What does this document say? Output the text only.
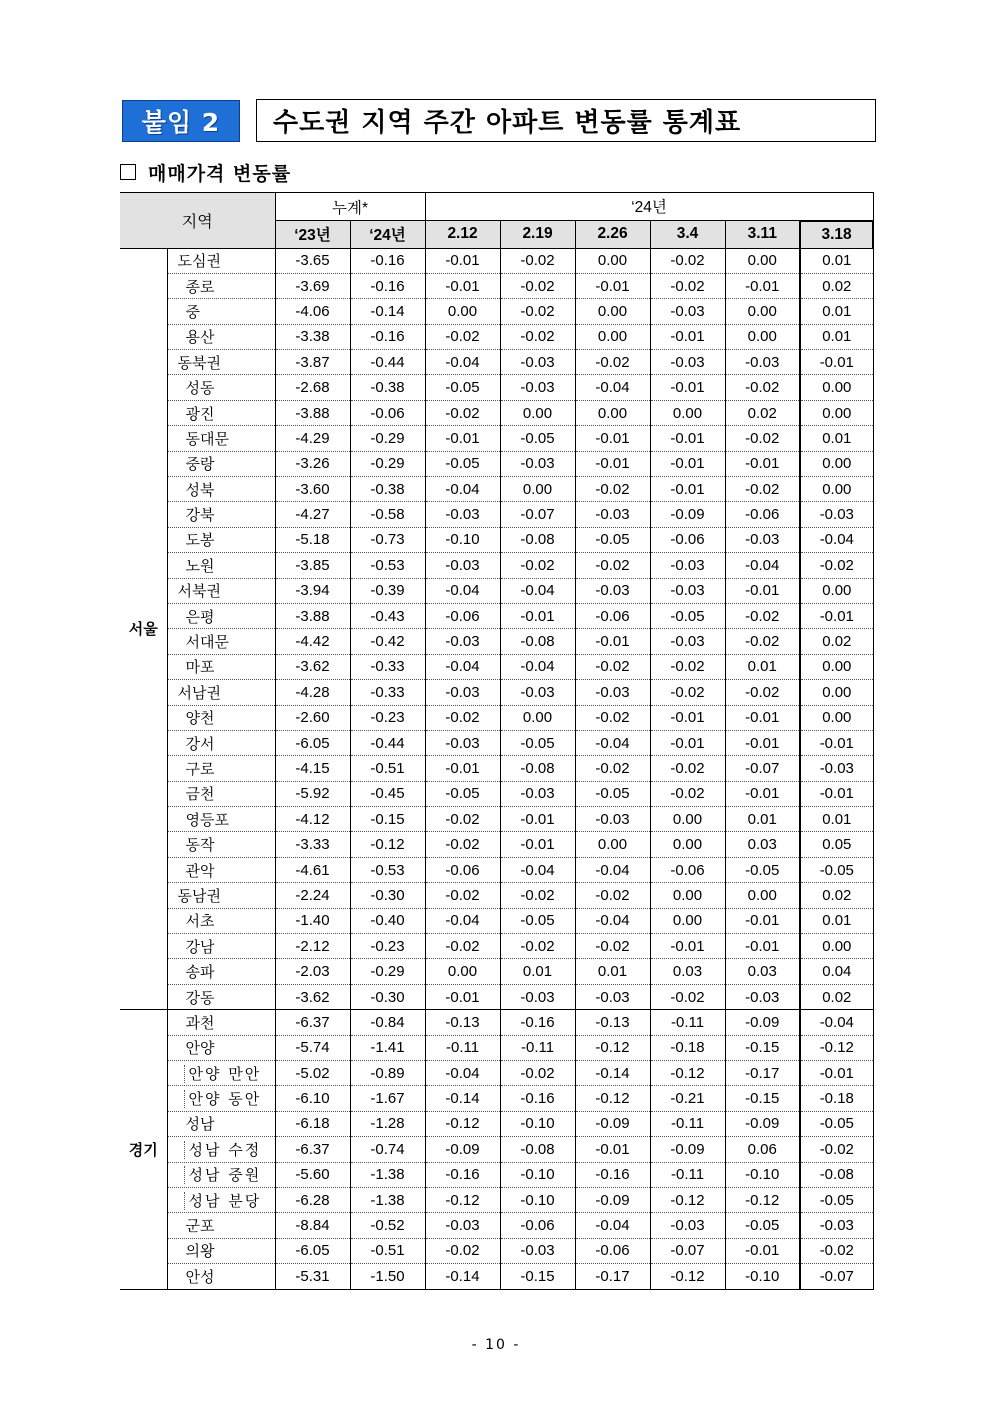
붙임 2 수도권 지역 주간 아파트 변동률 통계표
매매가격 변동률
지역		누계*		‘24년					
		‘23년	‘24년	2.12	2.19	2.26	3.4	3.11	3.18
서울	도심권	-3.65	-0.16	-0.01	-0.02	0.00	-0.02	0.00	0.01
	종로	-3.69	-0.16	-0.01	-0.02	-0.01	-0.02	-0.01	0.02
	중	-4.06	-0.14	0.00	-0.02	0.00	-0.03	0.00	0.01
	용산	-3.38	-0.16	-0.02	-0.02	0.00	-0.01	0.00	0.01
	동북권	-3.87	-0.44	-0.04	-0.03	-0.02	-0.03	-0.03	-0.01
	성동	-2.68	-0.38	-0.05	-0.03	-0.04	-0.01	-0.02	0.00
	광진	-3.88	-0.06	-0.02	0.00	0.00	0.00	0.02	0.00
	동대문	-4.29	-0.29	-0.01	-0.05	-0.01	-0.01	-0.02	0.01
	중랑	-3.26	-0.29	-0.05	-0.03	-0.01	-0.01	-0.01	0.00
	성북	-3.60	-0.38	-0.04	0.00	-0.02	-0.01	-0.02	0.00
	강북	-4.27	-0.58	-0.03	-0.07	-0.03	-0.09	-0.06	-0.03
	도봉	-5.18	-0.73	-0.10	-0.08	-0.05	-0.06	-0.03	-0.04
	노원	-3.85	-0.53	-0.03	-0.02	-0.02	-0.03	-0.04	-0.02
	서북권	-3.94	-0.39	-0.04	-0.04	-0.03	-0.03	-0.01	0.00
	은평	-3.88	-0.43	-0.06	-0.01	-0.06	-0.05	-0.02	-0.01
	서대문	-4.42	-0.42	-0.03	-0.08	-0.01	-0.03	-0.02	0.02
	마포	-3.62	-0.33	-0.04	-0.04	-0.02	-0.02	0.01	0.00
	서남권	-4.28	-0.33	-0.03	-0.03	-0.03	-0.02	-0.02	0.00
	양천	-2.60	-0.23	-0.02	0.00	-0.02	-0.01	-0.01	0.00
	강서	-6.05	-0.44	-0.03	-0.05	-0.04	-0.01	-0.01	-0.01
	구로	-4.15	-0.51	-0.01	-0.08	-0.02	-0.02	-0.07	-0.03
	금천	-5.92	-0.45	-0.05	-0.03	-0.05	-0.02	-0.01	-0.01
	영등포	-4.12	-0.15	-0.02	-0.01	-0.03	0.00	0.01	0.01
	동작	-3.33	-0.12	-0.02	-0.01	0.00	0.00	0.03	0.05
	관악	-4.61	-0.53	-0.06	-0.04	-0.04	-0.06	-0.05	-0.05
	동남권	-2.24	-0.30	-0.02	-0.02	-0.02	0.00	0.00	0.02
	서초	-1.40	-0.40	-0.04	-0.05	-0.04	0.00	-0.01	0.01
	강남	-2.12	-0.23	-0.02	-0.02	-0.02	-0.01	-0.01	0.00
	송파	-2.03	-0.29	0.00	0.01	0.01	0.03	0.03	0.04
	강동	-3.62	-0.30	-0.01	-0.03	-0.03	-0.02	-0.03	0.02
경기	과천	-6.37	-0.84	-0.13	-0.16	-0.13	-0.11	-0.09	-0.04
	안양	-5.74	-1.41	-0.11	-0.11	-0.12	-0.18	-0.15	-0.12
	안양 만안	-5.02	-0.89	-0.04	-0.02	-0.14	-0.12	-0.17	-0.01
	안양 동안	-6.10	-1.67	-0.14	-0.16	-0.12	-0.21	-0.15	-0.18
	성남	-6.18	-1.28	-0.12	-0.10	-0.09	-0.11	-0.09	-0.05
	성남 수정	-6.37	-0.74	-0.09	-0.08	-0.01	-0.09	0.06	-0.02
	성남 중원	-5.60	-1.38	-0.16	-0.10	-0.16	-0.11	-0.10	-0.08
	성남 분당	-6.28	-1.38	-0.12	-0.10	-0.09	-0.12	-0.12	-0.05
	군포	-8.84	-0.52	-0.03	-0.06	-0.04	-0.03	-0.05	-0.03
	의왕	-6.05	-0.51	-0.02	-0.03	-0.06	-0.07	-0.01	-0.02
	안성	-5.31	-1.50	-0.14	-0.15	-0.17	-0.12	-0.10	-0.07
- 10 -
